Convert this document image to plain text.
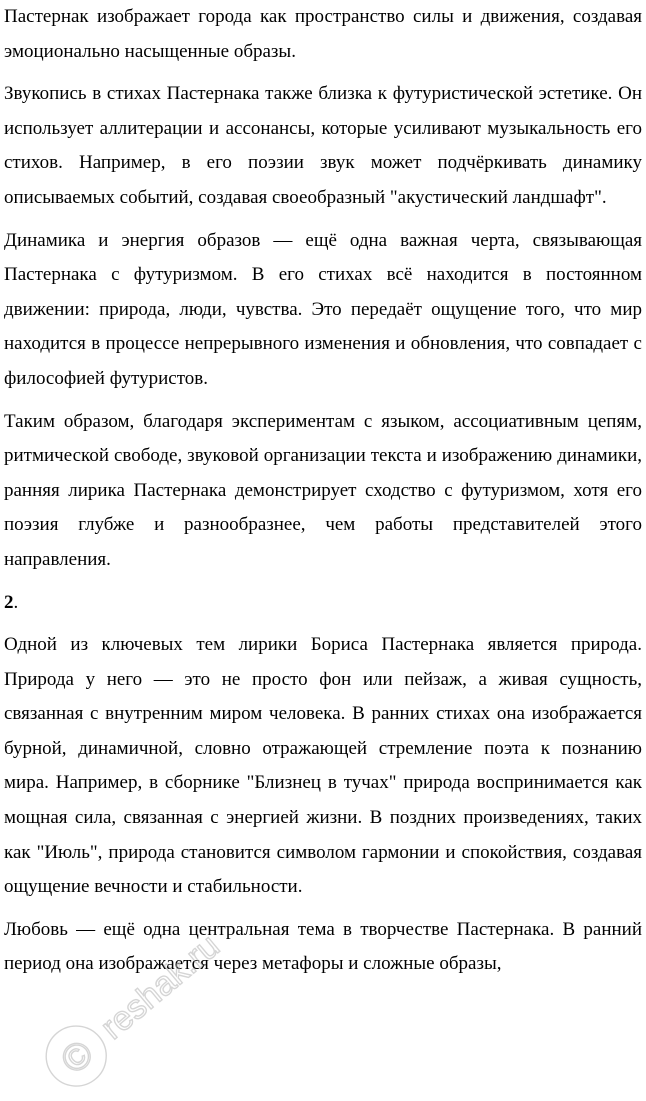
Пастернак изображает города как пространство силы и движения, создавая эмоционально насыщенные образы.

Звукопись в стихах Пастернака также близка к футуристической эстетике. Он использует аллитерации и ассонансы, которые усиливают музыкальность его стихов. Например, в его поэзии звук может подчёркивать динамику описываемых событий, создавая своеобразный "акустический ландшафт".

Динамика и энергия образов — ещё одна важная черта, связывающая Пастернака с футуризмом. В его стихах всё находится в постоянном движении: природа, люди, чувства. Это передаёт ощущение того, что мир находится в процессе непрерывного изменения и обновления, что совпадает с философией футуристов.

Таким образом, благодаря экспериментам с языком, ассоциативным цепям, ритмической свободе, звуковой организации текста и изображению динамики, ранняя лирика Пастернака демонстрирует сходство с футуризмом, хотя его поэзия глубже и разнообразнее, чем работы представителей этого направления.

2.

Одной из ключевых тем лирики Бориса Пастернака является природа. Природа у него — это не просто фон или пейзаж, а живая сущность, связанная с внутренним миром человека. В ранних стихах она изображается бурной, динамичной, словно отражающей стремление поэта к познанию мира. Например, в сборнике "Близнец в тучах" природа воспринимается как мощная сила, связанная с энергией жизни. В поздних произведениях, таких как "Июль", природа становится символом гармонии и спокойствия, создавая ощущение вечности и стабильности.

Любовь — ещё одна центральная тема в творчестве Пастернака. В ранний период она изображается через метафоры и сложные образы,

©
reshak.ru
